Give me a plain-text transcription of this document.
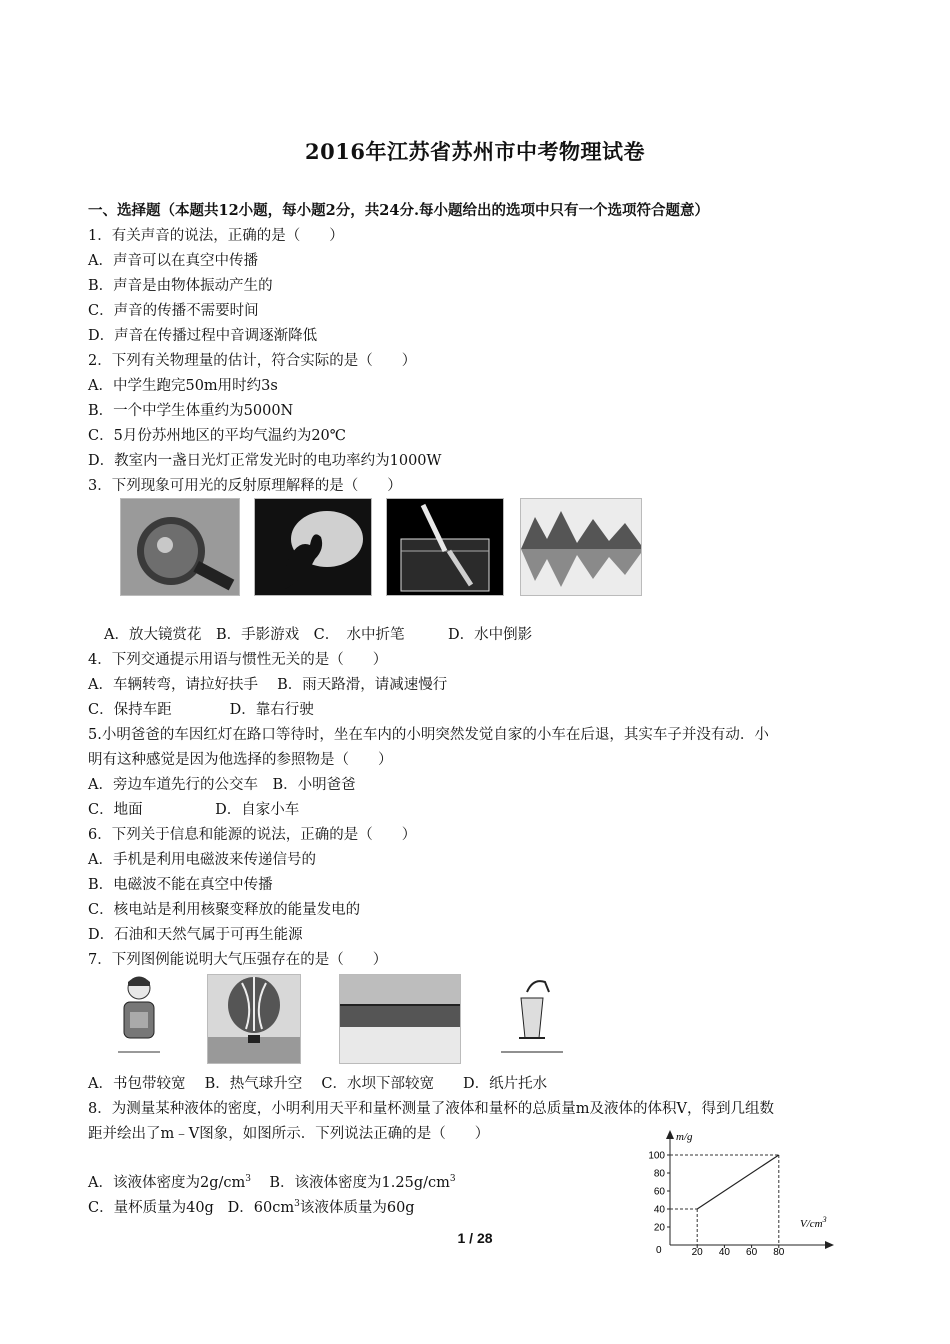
2016年江苏省苏州市中考物理试卷
一、选择题（本题共12小题，每小题2分，共24分.每小题给出的选项中只有一个选项符合题意）
1．有关声音的说法，正确的是（　　）
A．声音可以在真空中传播
B．声音是由物体振动产生的
C．声音的传播不需要时间
D．声音在传播过程中音调逐渐降低
2．下列有关物理量的估计，符合实际的是（　　）
A．中学生跑完50m用时约3s
B．一个中学生体重约为5000N
C．5月份苏州地区的平均气温约为20℃
D．教室内一盏日光灯正常发光时的电功率约为1000W
3．下列现象可用光的反射原理解释的是（　　）
A．放大镜赏花　B．手影游戏　C．　水中折笔　　　D．水中倒影
4．下列交通提示用语与惯性无关的是（　　）
A．车辆转弯，请拉好扶手　 B．雨天路滑，请减速慢行
C．保持车距　　　　D．靠右行驶
5.小明爸爸的车因红灯在路口等待时，坐在车内的小明突然发觉自家的小车在后退，其实车子并没有动．小
明有这种感觉是因为他选择的参照物是（　　）
A．旁边车道先行的公交车　B．小明爸爸
C．地面　　　　　D．自家小车
6．下列关于信息和能源的说法，正确的是（　　）
A．手机是利用电磁波来传递信号的
B．电磁波不能在真空中传播
C．核电站是利用核聚变释放的能量发电的
D．石油和天然气属于可再生能源
7．下列图例能说明大气压强存在的是（　　）
A．书包带较宽　 B．热气球升空　 C．水坝下部较宽　　D．纸片托水
8．为测量某种液体的密度，小明利用天平和量杯测量了液体和量杯的总质量m及液体的体积V，得到几组数
距并绘出了m﹣V图象，如图所示．下列说法正确的是（　　）
A．该液体密度为$2g/cm^3$ B．该液体密度为$1.25g/cm^3$
C．量杯质量为40g D．$60cm^3$该液体质量为60g
m/g
$V/cm^3$
0
100
80
60
40
20
20 40 60 80
1 / 28
